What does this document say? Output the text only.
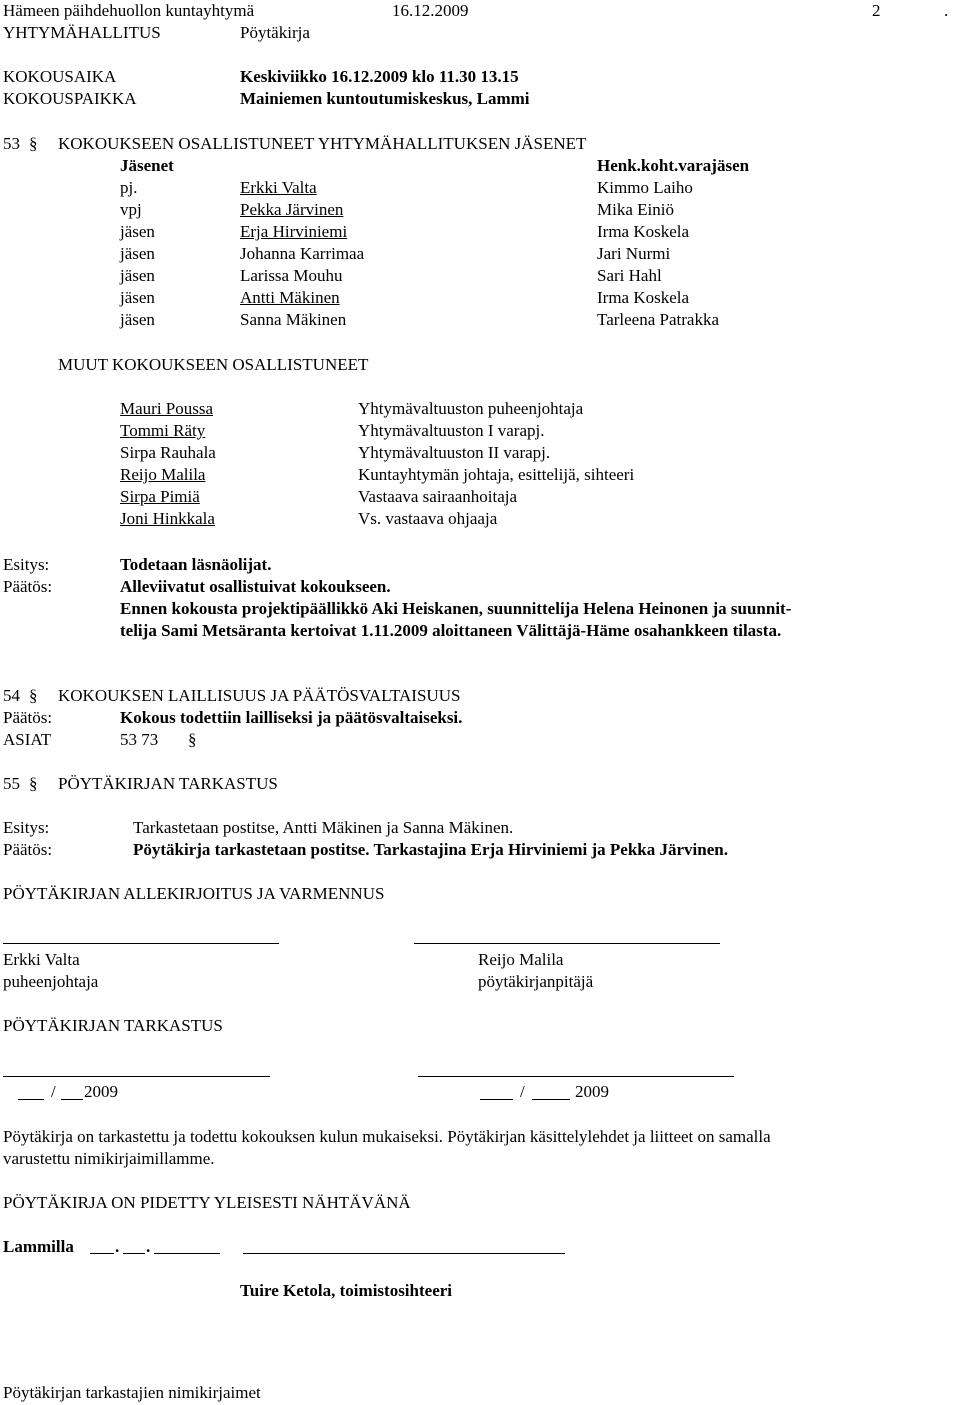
Hämeen päihdehuollon kuntayhtymä	16.12.2009	2	.
YHTYMÄHALLITUS	Pöytäkirja
KOKOUSAIKA	Keskiviikko 16.12.2009 klo 11.30 13.15
KOKOUSPAIKKA	Mainiemen kuntoutumiskeskus, Lammi
53 § KOKOUKSEEN OSALLISTUNEET YHTYMÄHALLITUKSEN JÄSENET
Jäsenet	Henk.koht.varajäsen
pj.	Erkki Valta	Kimmo Laiho
vpj	Pekka Järvinen	Mika Einiö
jäsen	Erja Hirviniemi	Irma Koskela
jäsen	Johanna Karrimaa	Jari Nurmi
jäsen	Larissa Mouhu	Sari Hahl
jäsen	Antti Mäkinen	Irma Koskela
jäsen	Sanna Mäkinen	Tarleena Patrakka
MUUT KOKOUKSEEN OSALLISTUNEET
Mauri Poussa	Yhtymävaltuuston puheenjohtaja
Tommi Räty	Yhtymävaltuuston I varapj.
Sirpa Rauhala	Yhtymävaltuuston II varapj.
Reijo Malila	Kuntayhtymän johtaja, esittelijä, sihteeri
Sirpa Pimiä	Vastaava sairaanhoitaja
Joni Hinkkala	Vs. vastaava ohjaaja
Esitys:	Todetaan läsnäolijat.
Päätös:	Alleviivatut osallistuivat kokoukseen.
Ennen kokousta projektipäällikkö Aki Heiskanen, suunnittelija Helena Heinonen ja suunnit-
telija Sami Metsäranta kertoivat 1.11.2009 aloittaneen Välittäjä-Häme osahankkeen tilasta.
54 § KOKOUKSEN LAILLISUUS JA PÄÄTÖSVALTAISUUS
Päätös:	Kokous todettiin lailliseksi ja päätösvaltaiseksi.
ASIAT	53 73 §
55 § PÖYTÄKIRJAN TARKASTUS
Esitys:	Tarkastetaan postitse, Antti Mäkinen ja Sanna Mäkinen.
Päätös:	Pöytäkirja tarkastetaan postitse. Tarkastajina Erja Hirviniemi ja Pekka Järvinen.
PÖYTÄKIRJAN ALLEKIRJOITUS JA VARMENNUS
Erkki Valta	Reijo Malila
puheenjohtaja	pöytäkirjanpitäjä
PÖYTÄKIRJAN TARKASTUS
/ 2009	/	2009
Pöytäkirja on tarkastettu ja todettu kokouksen kulun mukaiseksi. Pöytäkirjan käsittelylehdet ja liitteet on samalla
varustettu nimikirjaimillamme.
PÖYTÄKIRJA ON PIDETTY YLEISESTI NÄHTÄVÄNÄ
Lammilla . .
Tuire Ketola, toimistosihteeri
Pöytäkirjan tarkastajien nimikirjaimet
